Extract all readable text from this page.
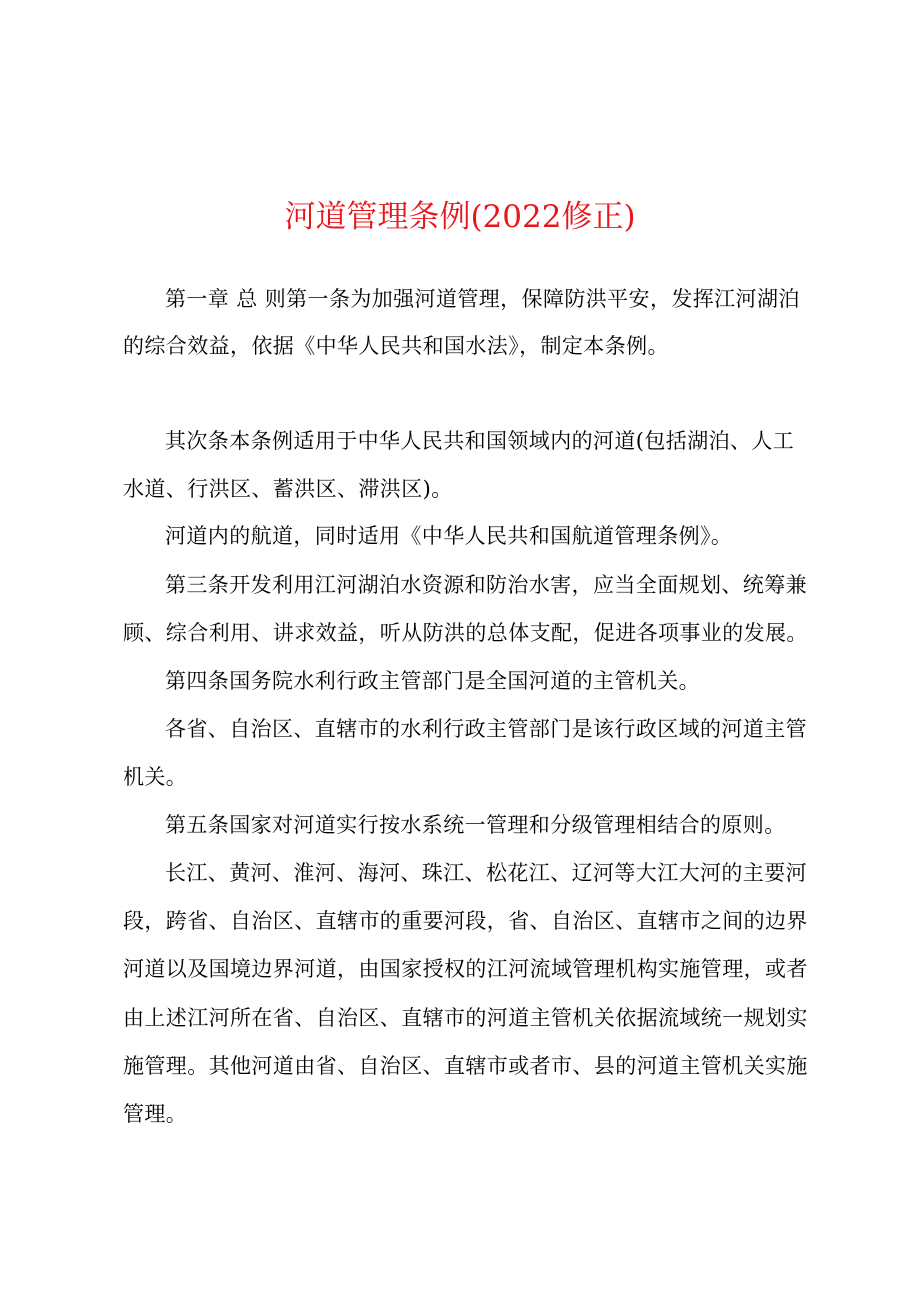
河道管理条例(2022修正)
第一章 总 则第一条为加强河道管理，保障防洪平安，发挥江河湖泊
的综合效益，依据《中华人民共和国水法》，制定本条例。
其次条本条例适用于中华人民共和国领域内的河道(包括湖泊、人工
水道、行洪区、蓄洪区、滞洪区)。
河道内的航道，同时适用《中华人民共和国航道管理条例》。
第三条开发利用江河湖泊水资源和防治水害，应当全面规划、统筹兼
顾、综合利用、讲求效益，听从防洪的总体支配，促进各项事业的发展。
第四条国务院水利行政主管部门是全国河道的主管机关。
各省、自治区、直辖市的水利行政主管部门是该行政区域的河道主管
机关。
第五条国家对河道实行按水系统一管理和分级管理相结合的原则。
长江、黄河、淮河、海河、珠江、松花江、辽河等大江大河的主要河
段，跨省、自治区、直辖市的重要河段，省、自治区、直辖市之间的边界
河道以及国境边界河道，由国家授权的江河流域管理机构实施管理，或者
由上述江河所在省、自治区、直辖市的河道主管机关依据流域统一规划实
施管理。其他河道由省、自治区、直辖市或者市、县的河道主管机关实施
管理。
